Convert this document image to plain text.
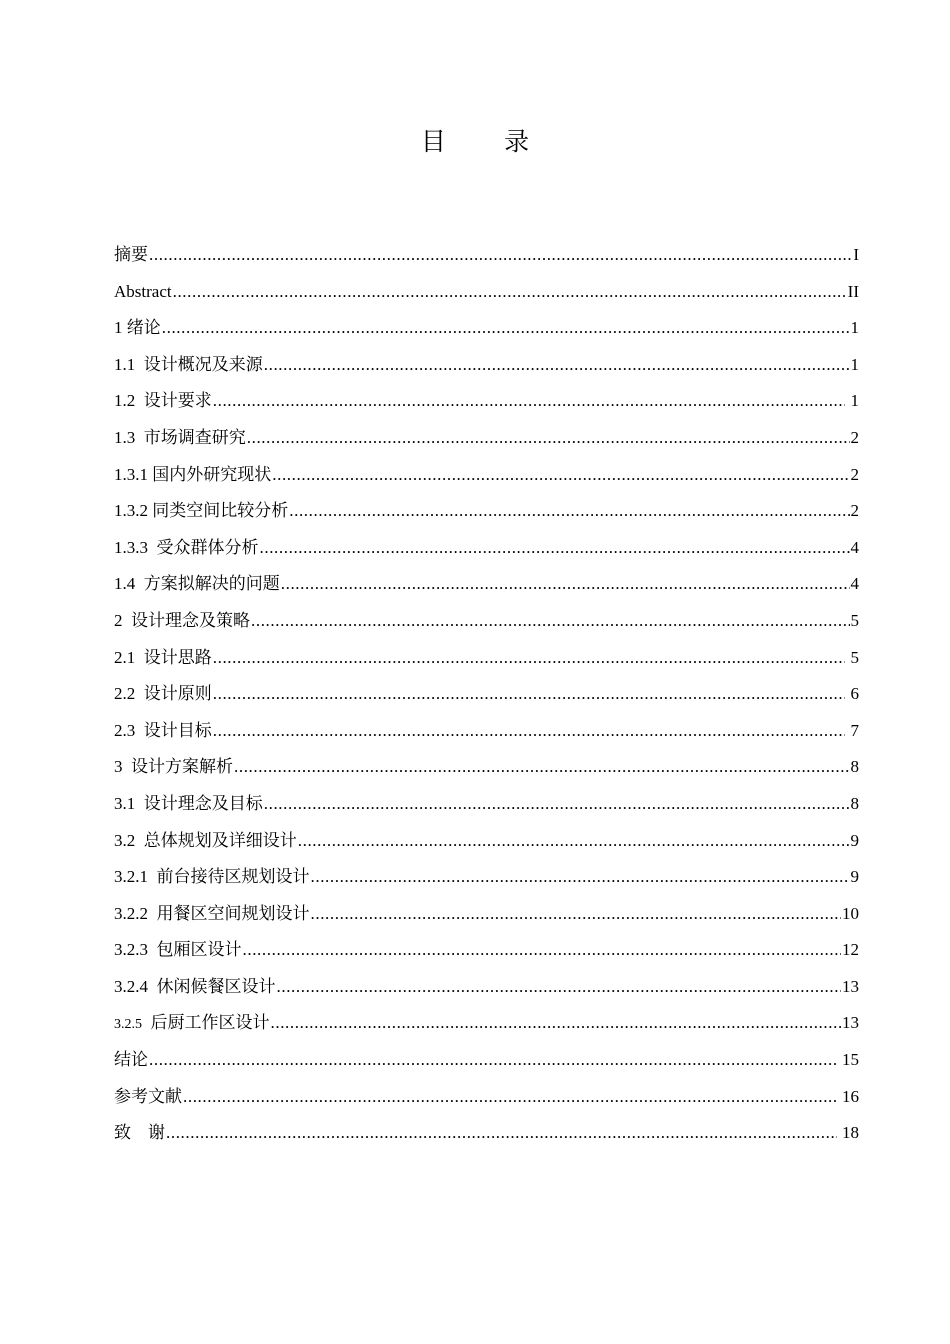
目 录
摘要 .....	I
Abstract .....	II
1 绪论 .....	1
1.1  设计概况及来源 .....	1
1.2  设计要求 .....	1
1.3  市场调查研究 .....	2
1.3.1 国内外研究现状 .....	2
1.3.2 同类空间比较分析 .....	2
1.3.3  受众群体分析 .....	4
1.4  方案拟解决的问题 .....	4
2  设计理念及策略 .....	5
2.1  设计思路 .....	5
2.2  设计原则 .....	6
2.3  设计目标 .....	7
3  设计方案解析 .....	8
3.1  设计理念及目标 .....	8
3.2  总体规划及详细设计 .....	9
3.2.1  前台接待区规划设计 .....	9
3.2.2  用餐区空间规划设计 .....	10
3.2.3  包厢区设计 .....	12
3.2.4  休闲候餐区设计 .....	13
3.2.5  后厨工作区设计 .....	13
结论 .....	15
参考文献 .....	16
致    谢 .....	18
